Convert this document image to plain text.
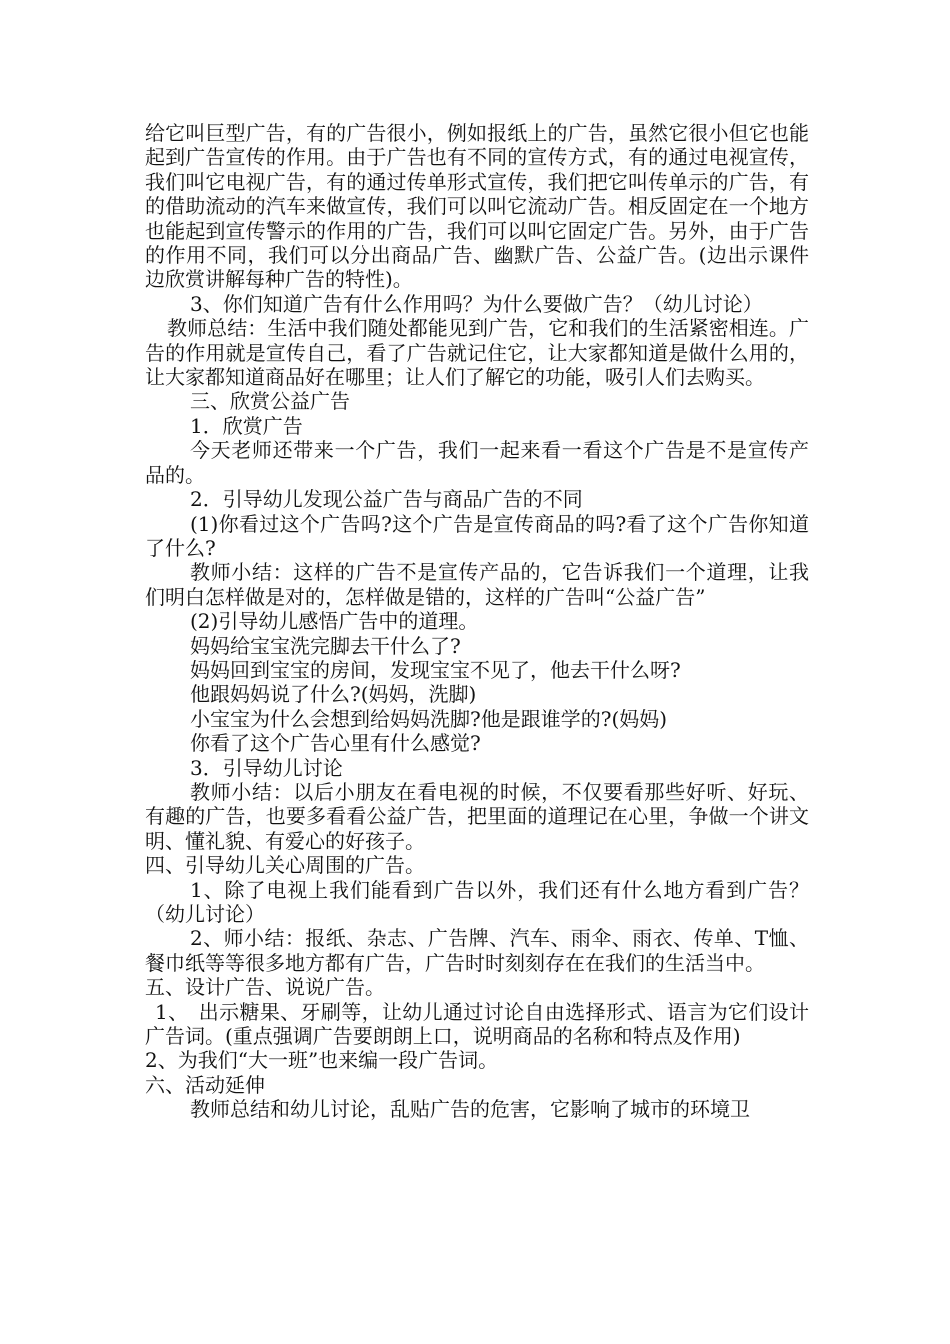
给它叫巨型广告，有的广告很小，例如报纸上的广告，虽然它很小但它也能起到广告宣传的作用。由于广告也有不同的宣传方式，有的通过电视宣传，我们叫它电视广告，有的通过传单形式宣传，我们把它叫传单示的广告，有的借助流动的汽车来做宣传，我们可以叫它流动广告。相反固定在一个地方也能起到宣传警示的作用的广告，我们可以叫它固定广告。另外，由于广告的作用不同，我们可以分出商品广告、幽默广告、公益广告。(边出示课件边欣赏讲解每种广告的特性)。

3、你们知道广告有什么作用吗？为什么要做广告？（幼儿讨论）

教师总结：生活中我们随处都能见到广告，它和我们的生活紧密相连。广告的作用就是宣传自己，看了广告就记住它，让大家都知道是做什么用的，让大家都知道商品好在哪里；让人们了解它的功能，吸引人们去购买。

三、欣赏公益广告

1．欣赏广告

今天老师还带来一个广告，我们一起来看一看这个广告是不是宣传产品的。

2．引导幼儿发现公益广告与商品广告的不同

(1)你看过这个广告吗?这个广告是宣传商品的吗?看了这个广告你知道了什么?

教师小结：这样的广告不是宣传产品的，它告诉我们一个道理，让我们明白怎样做是对的，怎样做是错的，这样的广告叫“公益广告”

(2)引导幼儿感悟广告中的道理。

妈妈给宝宝洗完脚去干什么了?

妈妈回到宝宝的房间，发现宝宝不见了，他去干什么呀?

他跟妈妈说了什么?(妈妈，洗脚)

小宝宝为什么会想到给妈妈洗脚?他是跟谁学的?(妈妈)

你看了这个广告心里有什么感觉?

3．引导幼儿讨论

教师小结：以后小朋友在看电视的时候，不仅要看那些好听、好玩、有趣的广告，也要多看看公益广告，把里面的道理记在心里，争做一个讲文明、懂礼貌、有爱心的好孩子。

四、引导幼儿关心周围的广告。

1、除了电视上我们能看到广告以外，我们还有什么地方看到广告？（幼儿讨论）

2、师小结：报纸、杂志、广告牌、汽车、雨伞、雨衣、传单、T恤、餐巾纸等等很多地方都有广告，广告时时刻刻存在在我们的生活当中。

五、设计广告、说说广告。

1、　出示糖果、牙刷等，让幼儿通过讨论自由选择形式、语言为它们设计广告词。(重点强调广告要朗朗上口，说明商品的名称和特点及作用)

2、为我们“大一班”也来编一段广告词。

六、活动延伸

教师总结和幼儿讨论，乱贴广告的危害，它影响了城市的环境卫
